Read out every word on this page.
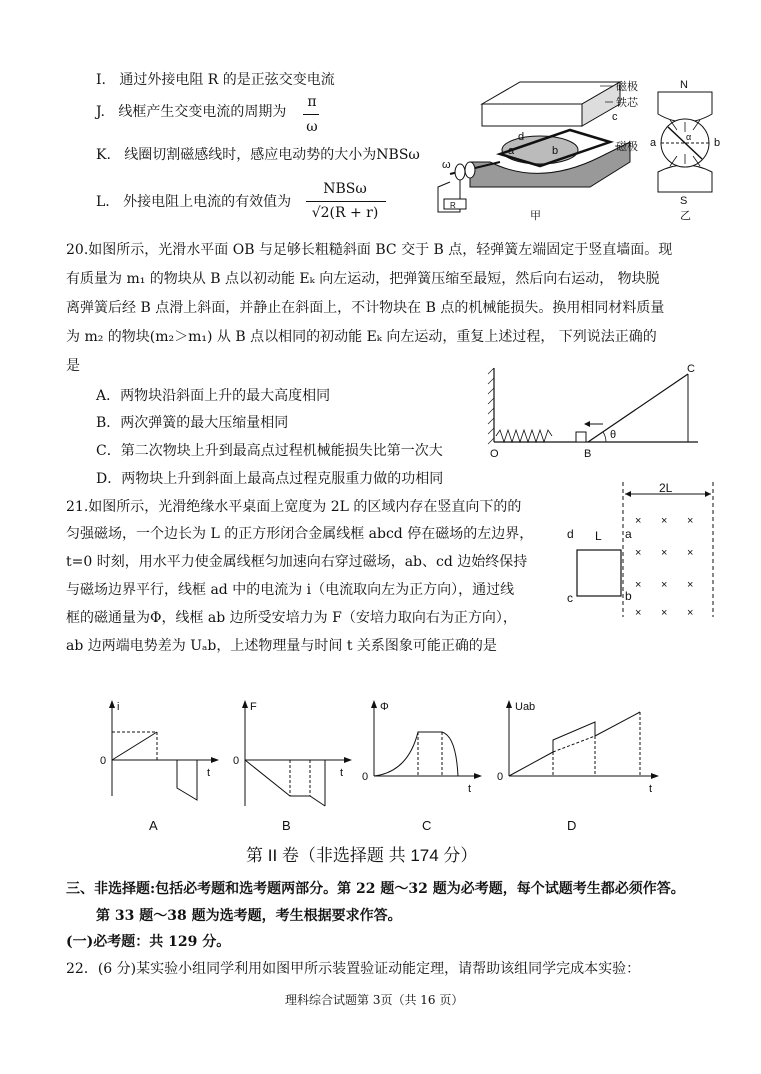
I. 通过外接电阻 R 的是正弦交变电流
J. 线框产生交变电流的周期为
π
ω
K. 线圈切割磁感线时，感应电动势的大小为NBSω
L. 外接电阻上电流的有效值为
NBSω
√2(R + r)
磁极
铁芯
c
磁极
b
a
d
ω
R
甲
N
a	α b
S
乙
20.如图所示，光滑水平面 OB 与足够长粗糙斜面 BC 交于 B 点，轻弹簧左端固定于竖直墙面。现
有质量为 m₁ 的物块从 B 点以初动能 Eₖ 向左运动，把弹簧压缩至最短，然后向右运动， 物块脱
离弹簧后经 B 点滑上斜面，并静止在斜面上，不计物块在 B 点的机械能损失。换用相同材料质量
为 m₂ 的物块(m₂＞m₁) 从 B 点以相同的初动能 Eₖ 向左运动，重复上述过程， 下列说法正确的
是
A．两物块沿斜面上升的最大高度相同
B．两次弹簧的最大压缩量相同
C．第二次物块上升到最高点过程机械能损失比第一次大
D．两物块上升到斜面上最高点过程克服重力做的功相同
C
θ
O	B
21.如图所示，光滑绝缘水平桌面上宽度为 2L 的区域内存在竖直向下的的
匀强磁场，一个边长为 L 的正方形闭合金属线框 abcd 停在磁场的左边界，
t=0 时刻，用水平力使金属线框匀加速向右穿过磁场，ab、cd 边始终保持
与磁场边界平行，线框 ad 中的电流为 i（电流取向左为正方向），通过线
框的磁通量为Φ，线框 ab 边所受安培力为 F（安培力取向右为正方向），
ab 边两端电势差为 Uₐb，上述物理量与时间 t 关系图象可能正确的是
2L
d L a
c	b
× × ×
× × ×
× × ×
× × ×
i
t
0
A
F
t
0
B
Φ
t
0
C
Uab
t
0
D
第 II 卷（非选择题 共 174 分）
三、非选择题:包括必考题和选考题两部分。第 22 题～32 题为必考题，每个试题考生都必须作答。
第 33 题～38 题为选考题，考生根据要求作答。
(一)必考题：共 129 分。
22．(6 分)某实验小组同学利用如图甲所示装置验证动能定理，请帮助该组同学完成本实验：
理科综合试题第 3页（共 16 页）
